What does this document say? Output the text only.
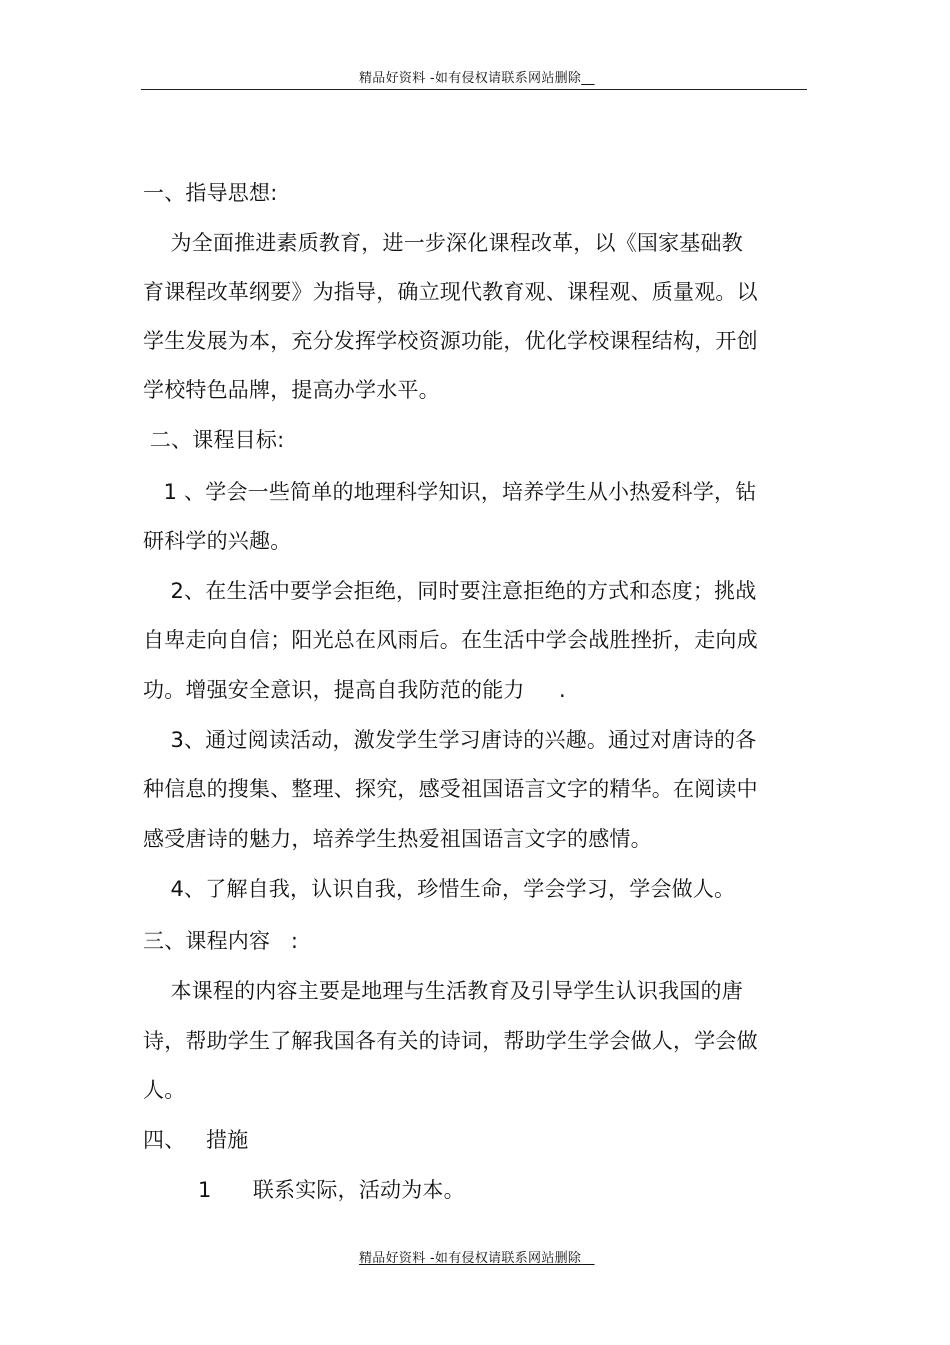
精品好资料 -如有侵权请联系网站删除
一、指导思想:
为全面推进素质教育，进一步深化课程改革，以《国家基础教
育课程改革纲要》为指导，确立现代教育观、课程观、质量观。以
学生发展为本，充分发挥学校资源功能，优化学校课程结构，开创
学校特色品牌，提高办学水平。
二、课程目标:
1 、学会一些简单的地理科学知识，培养学生从小热爱科学，钻
研科学的兴趣。
2、在生活中要学会拒绝，同时要注意拒绝的方式和态度；挑战
自卑走向自信；阳光总在风雨后。在生活中学会战胜挫折，走向成
功。增强安全意识，提高自我防范的能力     .
3、通过阅读活动，激发学生学习唐诗的兴趣。通过对唐诗的各
种信息的搜集、整理、探究，感受祖国语言文字的精华。在阅读中
感受唐诗的魅力，培养学生热爱祖国语言文字的感情。
4、了解自我，认识自我，珍惜生命，学会学习，学会做人。
三、课程内容   :
本课程的内容主要是地理与生活教育及引导学生认识我国的唐
诗，帮助学生了解我国各有关的诗词，帮助学生学会做人，学会做
人。
四、   措施
1      联系实际，活动为本。
精品好资料 -如有侵权请联系网站删除
